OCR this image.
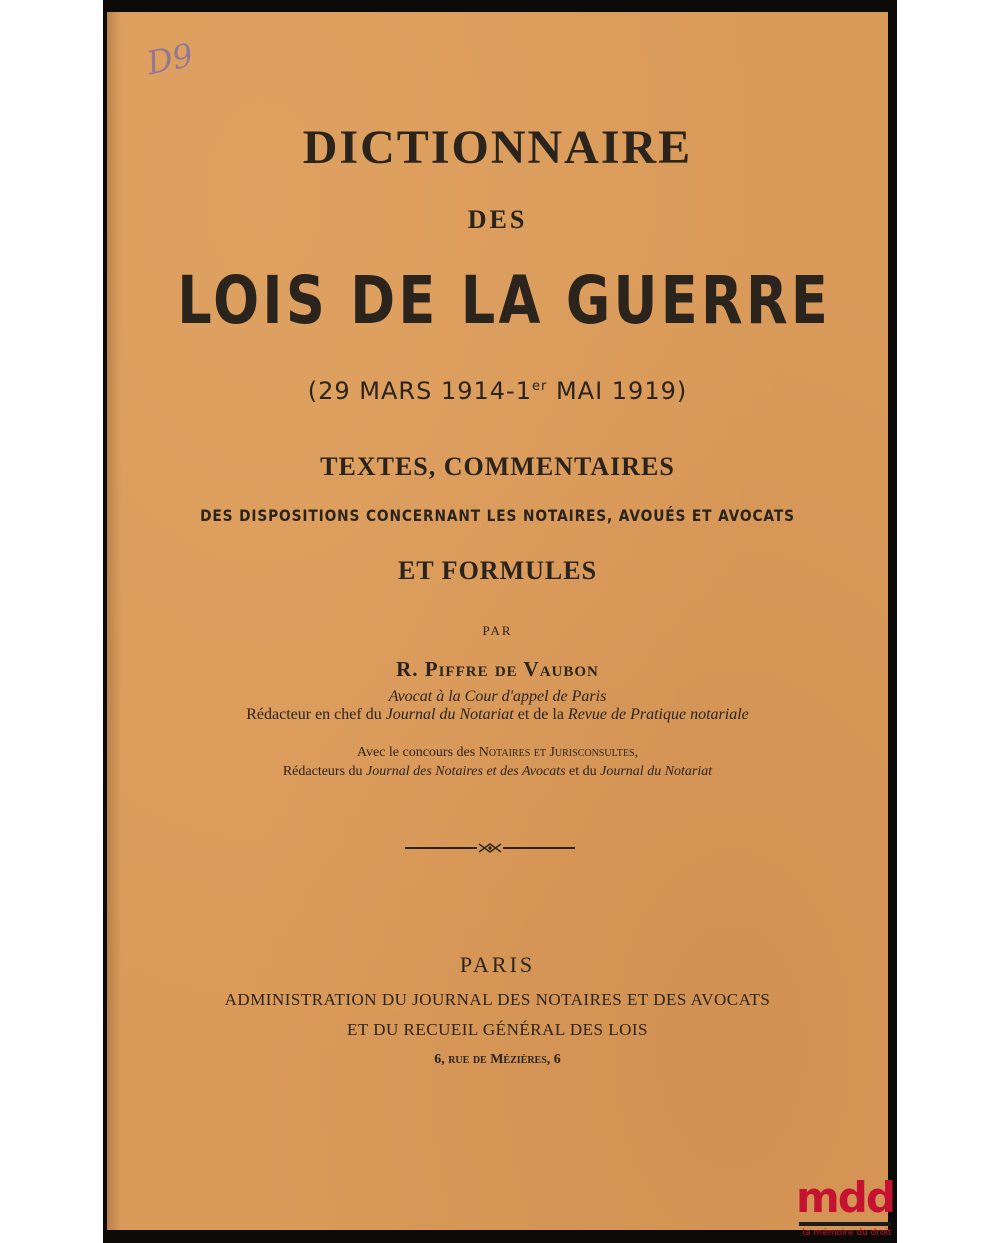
D9
DICTIONNAIRE
DES
LOIS DE LA GUERRE
(29 MARS 1914-1er MAI 1919)
TEXTES, COMMENTAIRES
DES DISPOSITIONS CONCERNANT LES NOTAIRES, AVOUÉS ET AVOCATS
ET FORMULES
PAR
R. Piffre de Vaubon
Avocat à la Cour d'appel de Paris
Rédacteur en chef du Journal du Notariat et de la Revue de Pratique notariale
Avec le concours des Notaires et Jurisconsultes,
Rédacteurs du Journal des Notaires et des Avocats et du Journal du Notariat
PARIS
ADMINISTRATION DU JOURNAL DES NOTAIRES ET DES AVOCATS
ET DU RECUEIL GÉNÉRAL DES LOIS
6, rue de Mézières, 6
mdd
la mémoire du droit
